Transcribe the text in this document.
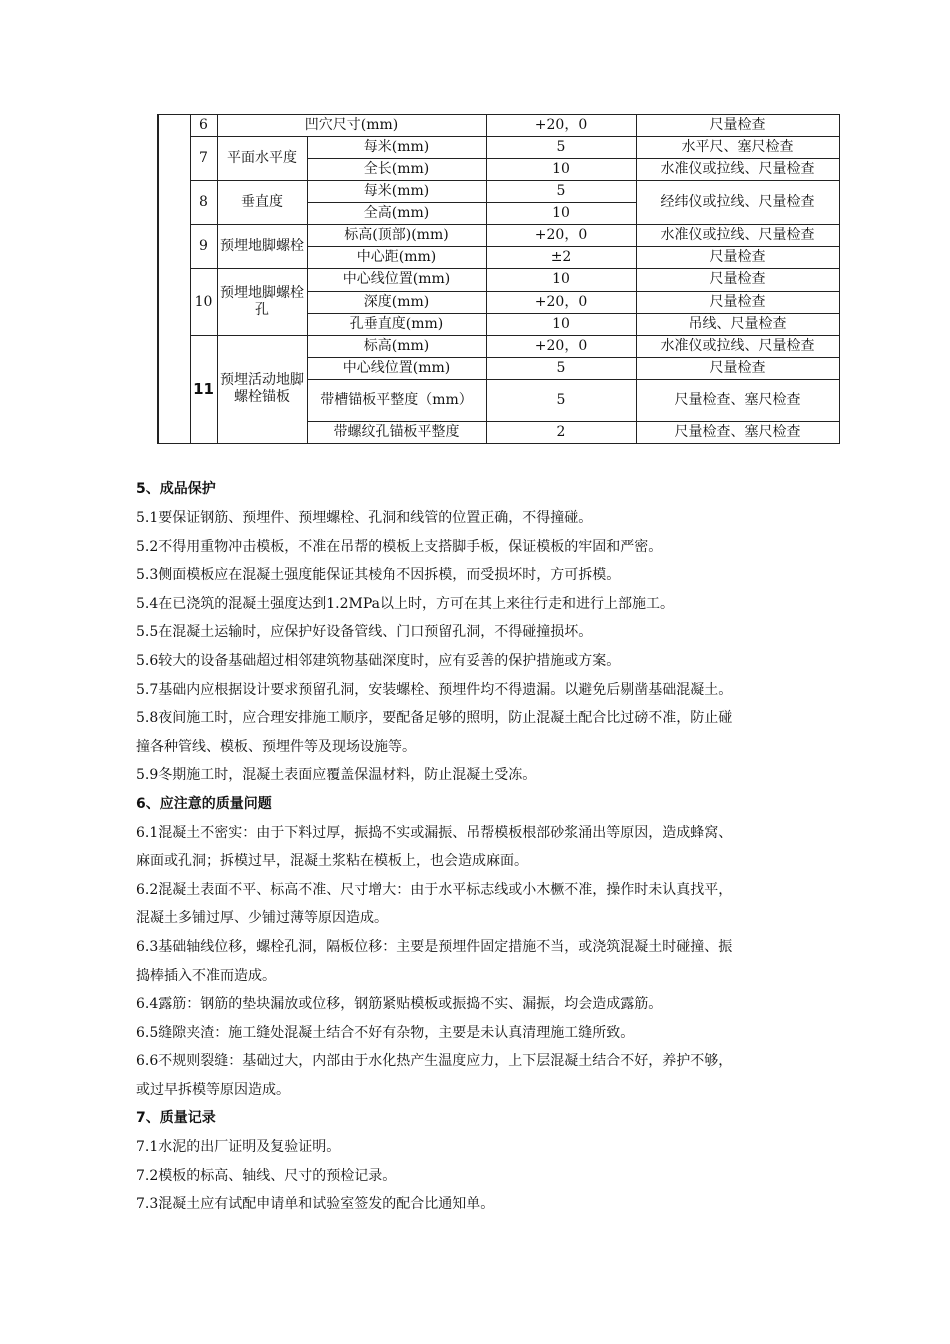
	6	凹穴尺寸(mm)		+20，0	尺量检查
	7	平面水平度	每米(mm)	5	水平尺、塞尺检查
			全长(mm)	10	水准仪或拉线、尺量检查
	8	垂直度	每米(mm)	5	经纬仪或拉线、尺量检查
			全高(mm)	10	
	9	预埋地脚螺栓	标高(顶部)(mm)	+20，0	水准仪或拉线、尺量检查
			中心距(mm)	±2	尺量检查
	10	预埋地脚螺栓孔	中心线位置(mm)	10	尺量检查
			深度(mm)	+20，0	尺量检查
			孔垂直度(mm)	10	吊线、尺量检查
	11	预埋活动地脚螺栓锚板	标高(mm)	+20，0	水准仪或拉线、尺量检查
			中心线位置(mm)	5	尺量检查
			带槽锚板平整度（mm）	5	尺量检查、塞尺检查
			带螺纹孔锚板平整度	2	尺量检查、塞尺检查
5、成品保护
5.1要保证钢筋、预埋件、预埋螺栓、孔洞和线管的位置正确，不得撞碰。
5.2不得用重物冲击模板，不准在吊帮的模板上支搭脚手板，保证模板的牢固和严密。
5.3侧面模板应在混凝土强度能保证其棱角不因拆模，而受损坏时，方可拆模。
5.4在已浇筑的混凝土强度达到1.2MPa以上时，方可在其上来往行走和进行上部施工。
5.5在混凝土运输时，应保护好设备管线、门口预留孔洞，不得碰撞损坏。
5.6较大的设备基础超过相邻建筑物基础深度时，应有妥善的保护措施或方案。
5.7基础内应根据设计要求预留孔洞，安装螺栓、预埋件均不得遗漏。以避免后剔凿基础混凝土。
5.8夜间施工时，应合理安排施工顺序，要配备足够的照明，防止混凝土配合比过磅不准，防止碰
撞各种管线、模板、预埋件等及现场设施等。
5.9冬期施工时，混凝土表面应覆盖保温材料，防止混凝土受冻。
6、应注意的质量问题
6.1混凝土不密实：由于下料过厚，振捣不实或漏振、吊帮模板根部砂浆涌出等原因，造成蜂窝、
麻面或孔洞；拆模过早，混凝土浆粘在模板上，也会造成麻面。
6.2混凝土表面不平、标高不准、尺寸增大：由于水平标志线或小木橛不准，操作时未认真找平，
混凝土多铺过厚、少铺过薄等原因造成。
6.3基础轴线位移，螺栓孔洞，隔板位移：主要是预埋件固定措施不当，或浇筑混凝土时碰撞、振
捣棒插入不准而造成。
6.4露筋：钢筋的垫块漏放或位移，钢筋紧贴模板或振捣不实、漏振，均会造成露筋。
6.5缝隙夹渣：施工缝处混凝土结合不好有杂物，主要是未认真清理施工缝所致。
6.6不规则裂缝：基础过大，内部由于水化热产生温度应力，上下层混凝土结合不好，养护不够，
或过早拆模等原因造成。
7、质量记录
7.1水泥的出厂证明及复验证明。
7.2模板的标高、轴线、尺寸的预检记录。
7.3混凝土应有试配申请单和试验室签发的配合比通知单。
